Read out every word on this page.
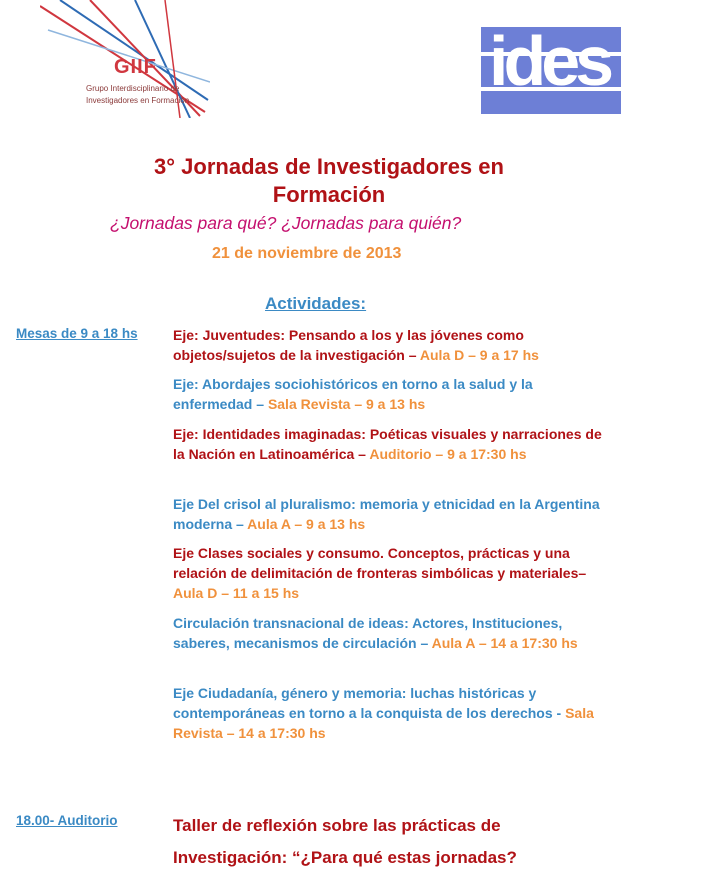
GIIF
Grupo Interdisciplinario de
Investigadores en Formación
ides
3° Jornadas de Investigadores en Formación
¿Jornadas para qué? ¿Jornadas para quién?
21 de noviembre de 2013
Actividades:
Mesas de 9 a 18 hs
18.00- Auditorio
Eje: Juventudes: Pensando a los y las jóvenes como objetos/sujetos de la investigación – Aula D – 9 a 17 hs
Eje: Abordajes sociohistóricos en torno a la salud y la enfermedad – Sala Revista – 9 a 13 hs
Eje: Identidades imaginadas: Poéticas visuales y narraciones de la Nación en Latinoamérica – Auditorio – 9 a 17:30 hs
Eje Del crisol al pluralismo: memoria y etnicidad en la Argentina moderna – Aula A – 9 a 13 hs
Eje Clases sociales y consumo. Conceptos, prácticas y una relación de delimitación de fronteras simbólicas y materiales– Aula D – 11 a 15 hs
Circulación transnacional de ideas: Actores, Instituciones, saberes, mecanismos de circulación – Aula A – 14 a 17:30 hs
Eje Ciudadanía, género y memoria: luchas históricas y contemporáneas en torno a la conquista de los derechos - Sala Revista – 14 a 17:30 hs
Taller de reflexión sobre las prácticas de Investigación: “¿Para qué estas jornadas?
